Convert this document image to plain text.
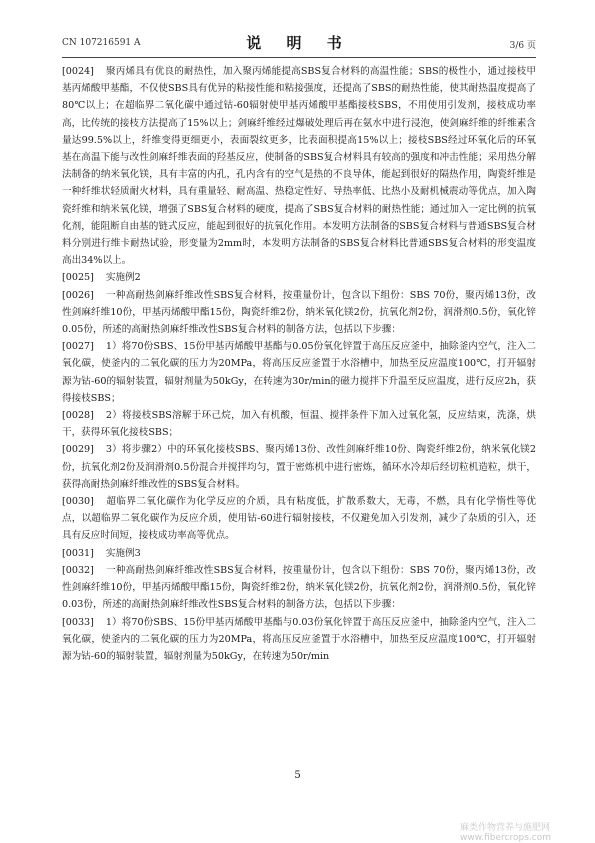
CN 107216591 A	说 明 书	3/6 页

[0024] 聚丙烯具有优良的耐热性，加入聚丙烯能提高SBS复合材料的高温性能；SBS的极性小，通过接枝甲基丙烯酸甲基酯，不仅使SBS具有优异的粘接性能和粘接强度，还提高了SBS的耐热性能，使其耐热温度提高了80℃以上；在超临界二氧化碳中通过钴-60辐射使甲基丙烯酸甲基酯接枝SBS，不用使用引发剂，接枝成功率高，比传统的接枝方法提高了15%以上；剑麻纤维经过爆破处理后再在氨水中进行浸泡，使剑麻纤维的纤维素含量达99.5%以上，纤维变得更细更小，表面裂纹更多，比表面积提高15%以上；接枝SBS经过环氧化后的环氧基在高温下能与改性剑麻纤维表面的羟基反应，使制备的SBS复合材料具有较高的强度和冲击性能；采用热分解法制备的纳米氧化镁，具有丰富的内孔，孔内含有的空气是热的不良导体，能起到很好的隔热作用，陶瓷纤维是一种纤维状轻质耐火材料，具有重量轻、耐高温、热稳定性好、导热率低、比热小及耐机械震动等优点，加入陶瓷纤维和纳米氧化镁，增强了SBS复合材料的硬度，提高了SBS复合材料的耐热性能；通过加入一定比例的抗氧化剂，能阻断自由基的链式反应，能起到很好的抗氧化作用。本发明方法制备的SBS复合材料与普通SBS复合材料分别进行维卡耐热试验，形变量为2mm时，本发明方法制备的SBS复合材料比普通SBS复合材料的形变温度高出34%以上。

[0025] 实施例2

[0026] 一种高耐热剑麻纤维改性SBS复合材料，按重量份计，包含以下组份：SBS 70份，聚丙烯13份，改性剑麻纤维10份，甲基丙烯酸甲酯15份，陶瓷纤维2份，纳米氧化镁2份，抗氧化剂2份，润滑剂0.5份，氧化锌0.05份，所述的高耐热剑麻纤维改性SBS复合材料的制备方法，包括以下步骤：

[0027] 1）将70份SBS、15份甲基丙烯酸甲基酯与0.05份氧化锌置于高压反应釜中，抽除釜内空气，注入二氧化碳，使釜内的二氧化碳的压力为20MPa，将高压反应釜置于水浴槽中，加热至反应温度100℃，打开辐射源为钴-60的辐射装置，辐射剂量为50kGy，在转速为30r/min的磁力搅拌下升温至反应温度，进行反应2h，获得接枝SBS；

[0028] 2）将接枝SBS溶解于环己烷，加入有机酸，恒温、搅拌条件下加入过氧化氢，反应结束，洗涤，烘干，获得环氧化接枝SBS；

[0029] 3）将步骤2）中的环氧化接枝SBS、聚丙烯13份、改性剑麻纤维10份、陶瓷纤维2份，纳米氧化镁2份，抗氧化剂2份及润滑剂0.5份混合并搅拌均匀，置于密炼机中进行密炼，循环水冷却后经切粒机造粒，烘干，获得高耐热剑麻纤维改性的SBS复合材料。

[0030] 超临界二氧化碳作为化学反应的介质，具有粘度低，扩散系数大，无毒，不燃，具有化学惰性等优点，以超临界二氧化碳作为反应介质，使用钴-60进行辐射接枝，不仅避免加入引发剂，减少了杂质的引入，还具有反应时间短，接枝成功率高等优点。

[0031] 实施例3

[0032] 一种高耐热剑麻纤维改性SBS复合材料，按重量份计，包含以下组份：SBS 70份，聚丙烯13份，改性剑麻纤维10份，甲基丙烯酸甲酯15份，陶瓷纤维2份，纳米氧化镁2份，抗氧化剂2份，润滑剂0.5份，氧化锌0.03份，所述的高耐热剑麻纤维改性SBS复合材料的制备方法，包括以下步骤：

[0033] 1）将70份SBS、15份甲基丙烯酸甲基酯与0.03份氧化锌置于高压反应釜中，抽除釜内空气，注入二氧化碳，使釜内的二氧化碳的压力为20MPa，将高压反应釜置于水浴槽中，加热至反应温度100℃，打开辐射源为钴-60的辐射装置，辐射剂量为50kGy，在转速为50r/min

5
麻类作物营养与施肥网 www.fibercrops.com
